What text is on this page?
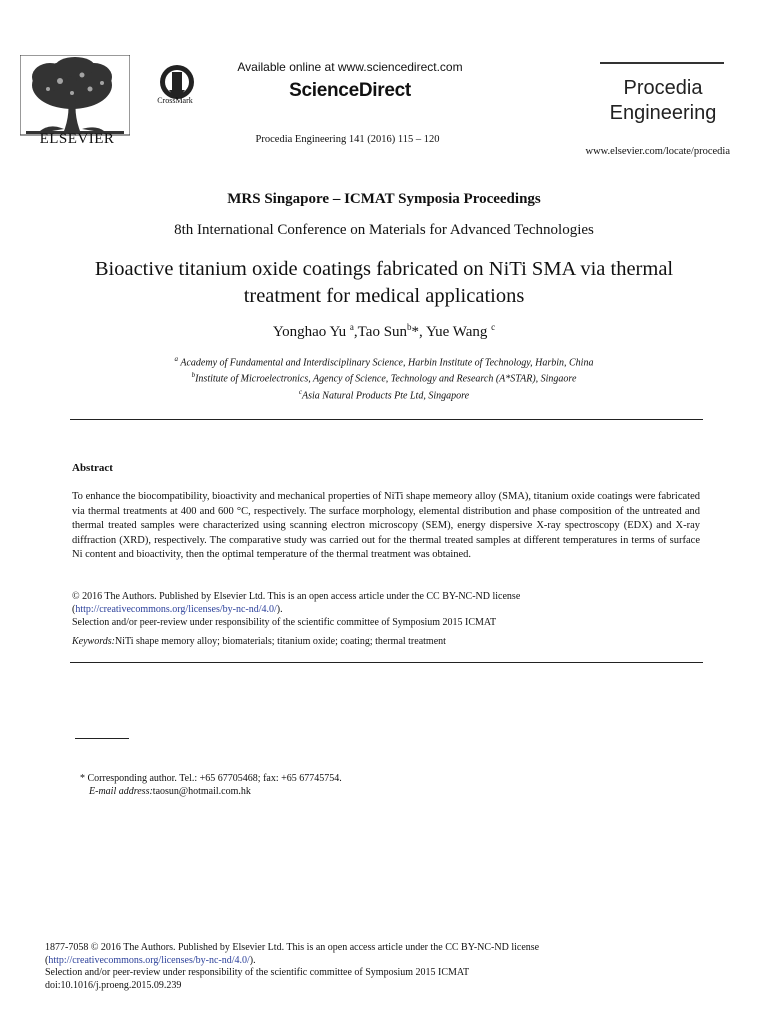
ELSEVIER
CrossMark
Available online at www.sciencedirect.com
ScienceDirect
Procedia Engineering 141 (2016) 115 – 120
Procedia
Engineering
www.elsevier.com/locate/procedia
MRS Singapore – ICMAT Symposia Proceedings
8th International Conference on Materials for Advanced Technologies
Bioactive titanium oxide coatings fabricated on NiTi SMA via thermal treatment for medical applications
Yonghao Yu $^a$,Tao Sun$^b$*, Yue Wang $^c$
$^a$ Academy of Fundamental and Interdisciplinary Science, Harbin Institute of Technology, Harbin, China
$^b$Institute of Microelectronics, Agency of Science, Technology and Research (A*STAR), Singaore
$^c$Asia Natural Products Pte Ltd, Singapore
Abstract
To enhance the biocompatibility, bioactivity and mechanical properties of NiTi shape memeory alloy (SMA), titanium oxide coatings were fabricated via thermal treatments at 400 and 600 °C, respectively. The surface morphology, elemental distribution and phase composition of the untreated and thermal treated samples were characterized using scanning electron microscopy (SEM), energy dispersive X-ray spectroscopy (EDX) and X-ray diffraction (XRD), respectively. The comparative study was carried out for the thermal treated samples at different temperatures in terms of surface Ni content and bioactivity, then the optimal temperature of the thermal treatment was obtained.
© 2016 The Authors. Published by Elsevier Ltd. This is an open access article under the CC BY-NC-ND license
(http://creativecommons.org/licenses/by-nc-nd/4.0/).
Selection and/or peer-review under responsibility of the scientific committee of Symposium 2015 ICMAT
Keywords:NiTi shape memory alloy; biomaterials; titanium oxide; coating; thermal treatment
* Corresponding author. Tel.: +65 67705468; fax: +65 67745754.
E-mail address:taosun@hotmail.com.hk
1877-7058 © 2016 The Authors. Published by Elsevier Ltd. This is an open access article under the CC BY-NC-ND license
(http://creativecommons.org/licenses/by-nc-nd/4.0/).
Selection and/or peer-review under responsibility of the scientific committee of Symposium 2015 ICMAT
doi:10.1016/j.proeng.2015.09.239
